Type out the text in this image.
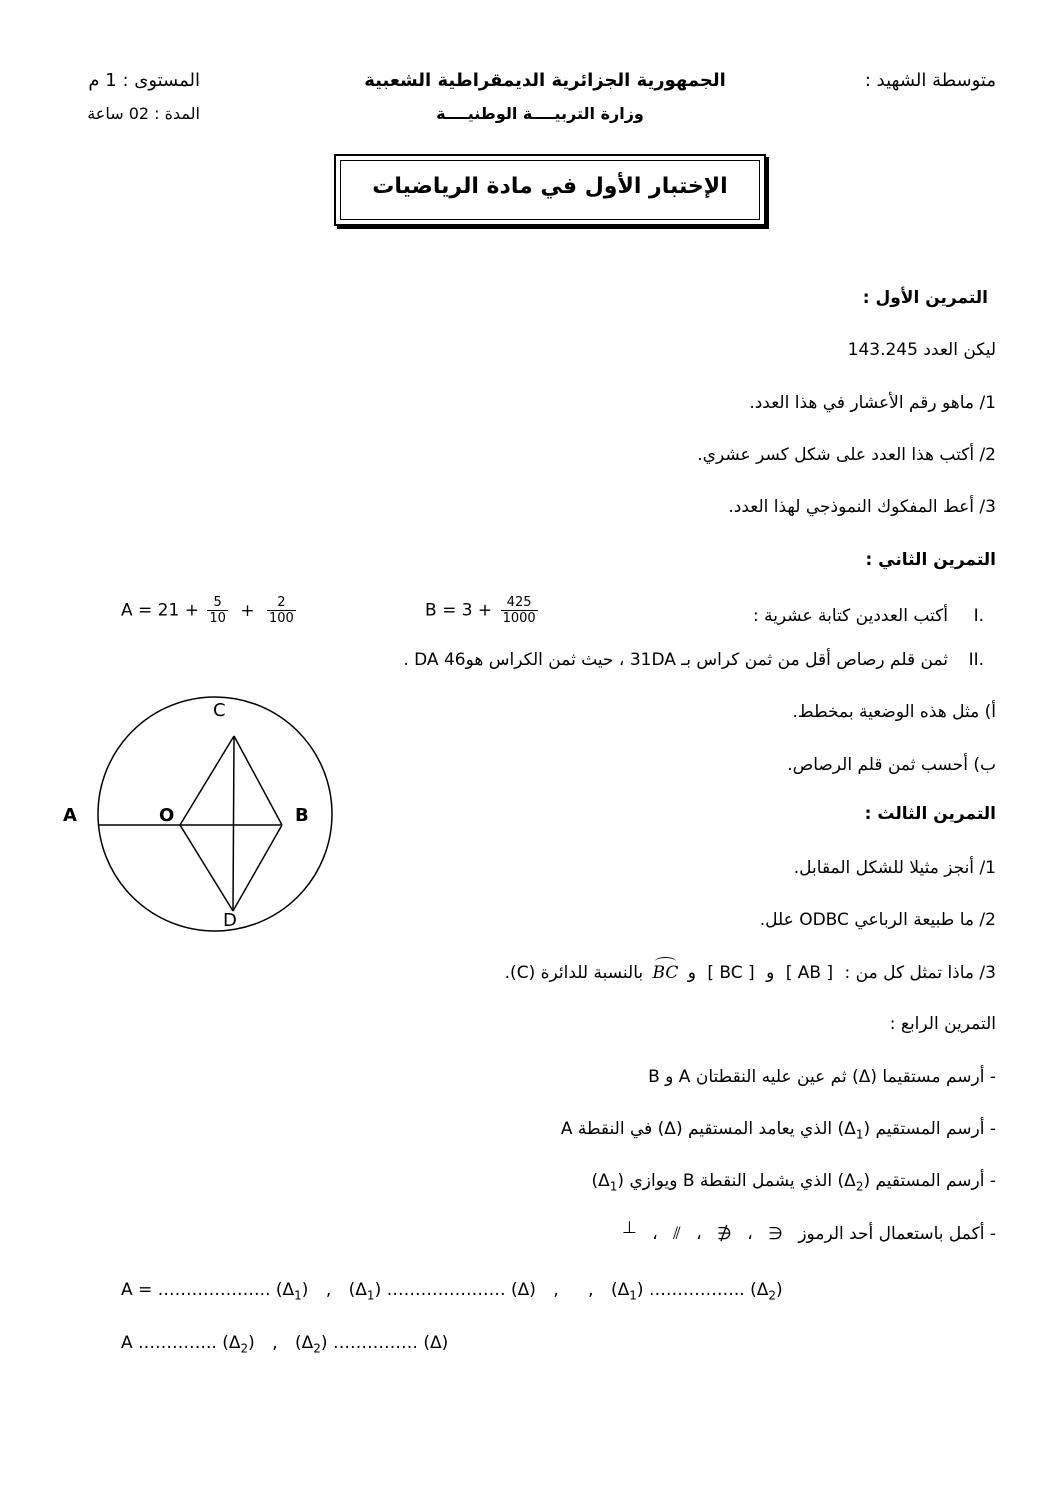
متوسطة الشهيد :
الجمهورية الجزائرية الديمقراطية الشعبية
وزارة التربيــــة الوطنيــــة
المستوى : 1 م
المدة : 02 ساعة
الإختبار الأول في مادة الرياضيات
التمرين الأول :
ليكن العدد 143.245
1/ ماهو رقم الأعشار في هذا العدد.
2/ أكتب هذا العدد على شكل كسر عشري.
3/ أعط المفكوك النموذجي لهذا العدد.
التمرين الثاني :
I.
أكتب العددين كتابة عشرية :
$B = 3 + \frac{425}{1000}$
$A = 21 + \frac{5}{10} + \frac{2}{100}$
II.
ثمن قلم رصاص أقل من ثمن كراس بـ 31DA ، حيث ثمن الكراس هو46 DA .
أ) مثل هذه الوضعية بمخطط.
ب) أحسب ثمن قلم الرصاص.
التمرين الثالث :
1/ أنجز مثيلا للشكل المقابل.
2/ ما طبيعة الرباعي ODBC علل.
3/ ماذا تمثل كل من : [ AB ] و [ BC ] و
BC بالنسبة للدائرة (C).
C
A	O	B
D
التمرين الرابع :
- أرسم مستقيما (Δ) ثم عين عليه النقطتان A و B
- أرسم المستقيم $(\Delta_1)$ الذي يعامد المستقيم (Δ) في النقطة A
- أرسم المستقيم $(\Delta_2)$ الذي يشمل النقطة B ويوازي $(\Delta_1)$
- أكمل باستعمال أحد الرموز ∈ ، ∉ ، ⫽ ، ⊥
A = ……………….. $(\Delta_1)$ , $(\Delta_1)$ ………………… (Δ) , , $(\Delta_1)$ …………….. $(\Delta_2)$
A ………….. $(\Delta_2)$ , $(\Delta_2)$ …………… (Δ)
